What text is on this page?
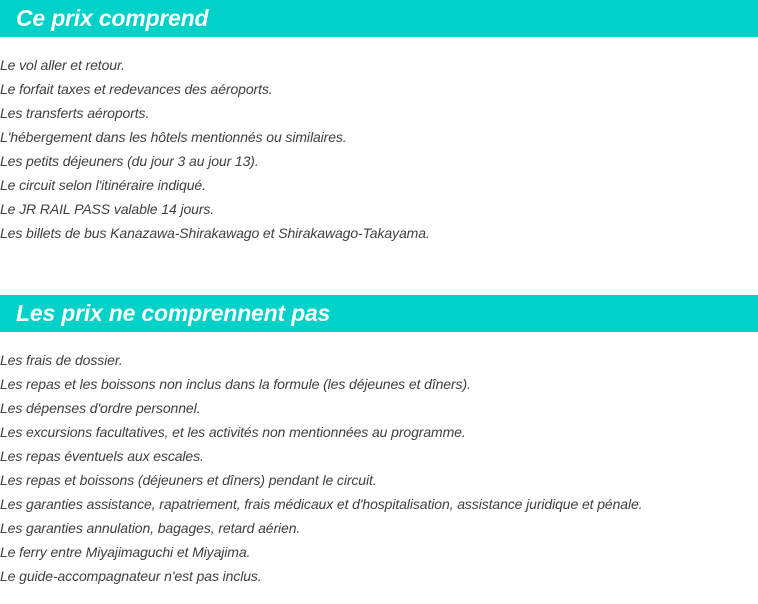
Ce prix comprend
Le vol aller et retour.
Le forfait taxes et redevances des aéroports.
Les transferts aéroports.
L'hébergement dans les hôtels mentionnés ou similaires.
Les petits déjeuners (du jour 3 au jour 13).
Le circuit selon l'itinéraire indiqué.
Le JR RAIL PASS valable 14 jours.
Les billets de bus Kanazawa-Shirakawago et Shirakawago-Takayama.
Les prix ne comprennent pas
Les frais de dossier.
Les repas et les boissons non inclus dans la formule (les déjeunes et dîners).
Les dépenses d'ordre personnel.
Les excursions facultatives, et les activités non mentionnées au programme.
Les repas éventuels aux escales.
Les repas et boissons (déjeuners et dîners) pendant le circuit.
Les garanties assistance, rapatriement, frais médicaux et d'hospitalisation, assistance juridique et pénale.
Les garanties annulation, bagages, retard aérien.
Le ferry entre Miyajimaguchi et Miyajima.
Le guide-accompagnateur n'est pas inclus.
